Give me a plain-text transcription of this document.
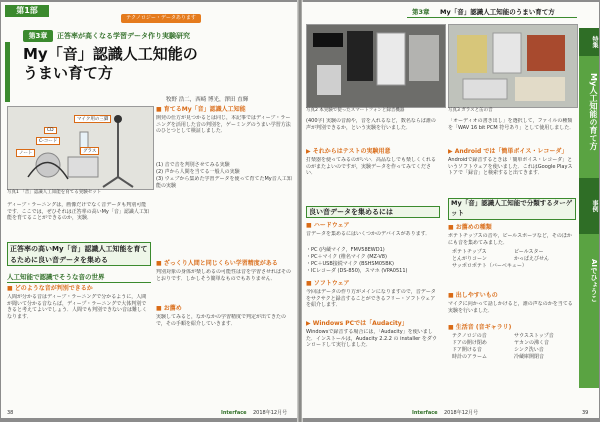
第1部
テクノロジー・データあります
第3章	正答率が高くなる学習データ作り実験研究
My「音」認識人工知能の
うまい育て方
牧野 浩二，西崎 博光，澤田 直輝
マイク用の三脚
CD
C-コード
ノート	グラス
写真1 「音」認識人工知能を育てる実験セット
ディープ・ラーニングは，画像だけでなく音データも判別可能です．ここでは，ぜひそれは正答率の高いMy「音」認識人工知能を育てることができるのか，実験．
正答率の高いMy「音」認識人工知能を育てるために良い音データを集める
人工知能で認識でそうな音の世界
■ どのような音が判別できるか
人間が分かる音はディープ・ラーニングで分かるように，人間が聞いて分かる音ならば，ディープ・ラーニングで大体判別できると考えてよいでしょう．人間でも判別できない音は難しくなります．
■ 育てるMy「音」認識人工知能
開発の仕方が見つかるとは同じ，本記事ではディープ・ラーニングを活用した音の判別を，ゲーミングのうまい学習方法のひとつとして検証しました．
(1) 音で音を判別させてみる実験
(2) 声から人間を当てる一般人の実験
(3) ウェブから集めた学習データを使って育てたMy音人工知能の実験
■ ざっくり人間と同じくらい学習精度がある
判別対象の身体が楽しめるの可能性は音を学習させればそのとおりです．しかしそう簡単なものでもありません．
■ お薦め
実験してみると，なかなかの学習精度で判定が出てきたので，その手順を紹介していきます．
38	Interface 2018年12月号
第3章 My「音」認識人工知能のうまい育て方
写真2 本実験で使ったスマートフォンと録音機器	写真3 ガラスと缶の音
(400字) 実験の音源や，音を入れるなど，数名ならば誰の声が判別できるか，という実験を行いました．
▶ それからはテストの実験用意
打楽器を使ってみるのがいい．高品なしでも楽しくくれるのがまたよいのですが，実験データを作ってみてください．
良い音データを集めるには
■ ハードウェア
音データを集めるにはいくつかのデバイスがあります．
・PC (内蔵マイク，FMV58EWD1)
・PC＋マイク (椎名マイク (MZ-V8)
・PC＋USB接続マイク (BSHSM05BK)
・ICレコーダ (DS-850)，スマホ (VPA0511)
■ ソフトウェア
今回はデータの作り方がメインになりますので，音データをサクサクと録音することができるフリー・ソフトウェアを紹介します．
▶ Windows PCでは「Audacity」
Windowsで録音する場合には，「Audacity」を使いました．インストールは，Audacity 2.2.2 の installer をダウンロードして実行しました．
「オーディオの書き出し」を選択して，ファイルの種類を「WAV 16 bit PCM 符号あり」として使用しました．
▶ Android では「簡単ボイス・レコーダ」
Androidで録音するときは「簡単ボイス・レコーダ」というソフトウェアを使いました．これはGoogle Playストアで「録音」と検索すると出てきます．
My「音」認識人工知能で分類するターゲット
■ お薦めの種類
ポテトチップスの音や，ビールスポーツなど，そのほかにも音を集めてみました．
ポテトチップス	ビールスター
とんがりコーン	かっぱえびせん
サッポロポテト（バーベキュー）
■ 出しやすいもの
マイクに向かって話しかけると，誰の声なのかを当てる実験を行いました．
■ 生活音 (音ギャラリ)
テクノロジの音	サウスストップ音
ドアの開け閉め	ヤカンの沸く音
ドア開ける音	シンク洗い音
時計のアラーム	冷蔵庫開閉音
特集
My人工知能の育て方
事例
AIでひょうこ
Interface 2018年12月号	39
